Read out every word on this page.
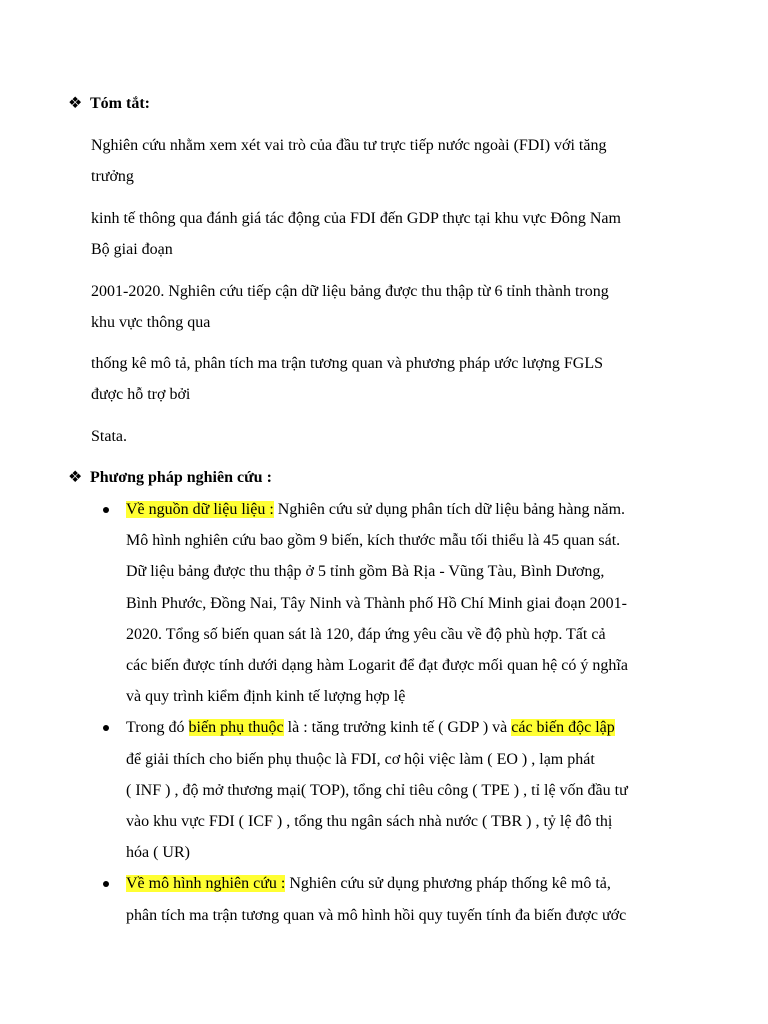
❖ Tóm tắt:
Nghiên cứu nhằm xem xét vai trò của đầu tư trực tiếp nước ngoài (FDI) với tăng
trưởng
kinh tế thông qua đánh giá tác động của FDI đến GDP thực tại khu vực Đông Nam
Bộ giai đoạn
2001-2020. Nghiên cứu tiếp cận dữ liệu bảng được thu thập từ 6 tỉnh thành trong
khu vực thông qua
thống kê mô tả, phân tích ma trận tương quan và phương pháp ước lượng FGLS
được hỗ trợ bởi
Stata.
❖ Phương pháp nghiên cứu :
Về nguồn dữ liệu liệu : Nghiên cứu sử dụng phân tích dữ liệu bảng hàng năm.
Mô hình nghiên cứu bao gồm 9 biến, kích thước mẫu tối thiểu là 45 quan sát.
Dữ liệu bảng được thu thập ở 5 tỉnh gồm Bà Rịa - Vũng Tàu, Bình Dương,
Bình Phước, Đồng Nai, Tây Ninh và Thành phố Hồ Chí Minh giai đoạn 2001-
2020. Tổng số biến quan sát là 120, đáp ứng yêu cầu về độ phù hợp. Tất cả
các biến được tính dưới dạng hàm Logarit để đạt được mối quan hệ có ý nghĩa
và quy trình kiểm định kinh tế lượng hợp lệ
Trong đó biến phụ thuộc là : tăng trưởng kinh tế ( GDP ) và các biến độc lập
để giải thích cho biến phụ thuộc là FDI, cơ hội việc làm ( EO ) , lạm phát
( INF ) , độ mở thương mại( TOP), tổng chỉ tiêu công ( TPE ) , tỉ lệ vốn đầu tư
vào khu vực FDI ( ICF ) , tổng thu ngân sách nhà nước ( TBR ) , tỷ lệ đô thị
hóa ( UR)
Về mô hình nghiên cứu : Nghiên cứu sử dụng phương pháp thống kê mô tả,
phân tích ma trận tương quan và mô hình hồi quy tuyến tính đa biến được ước
